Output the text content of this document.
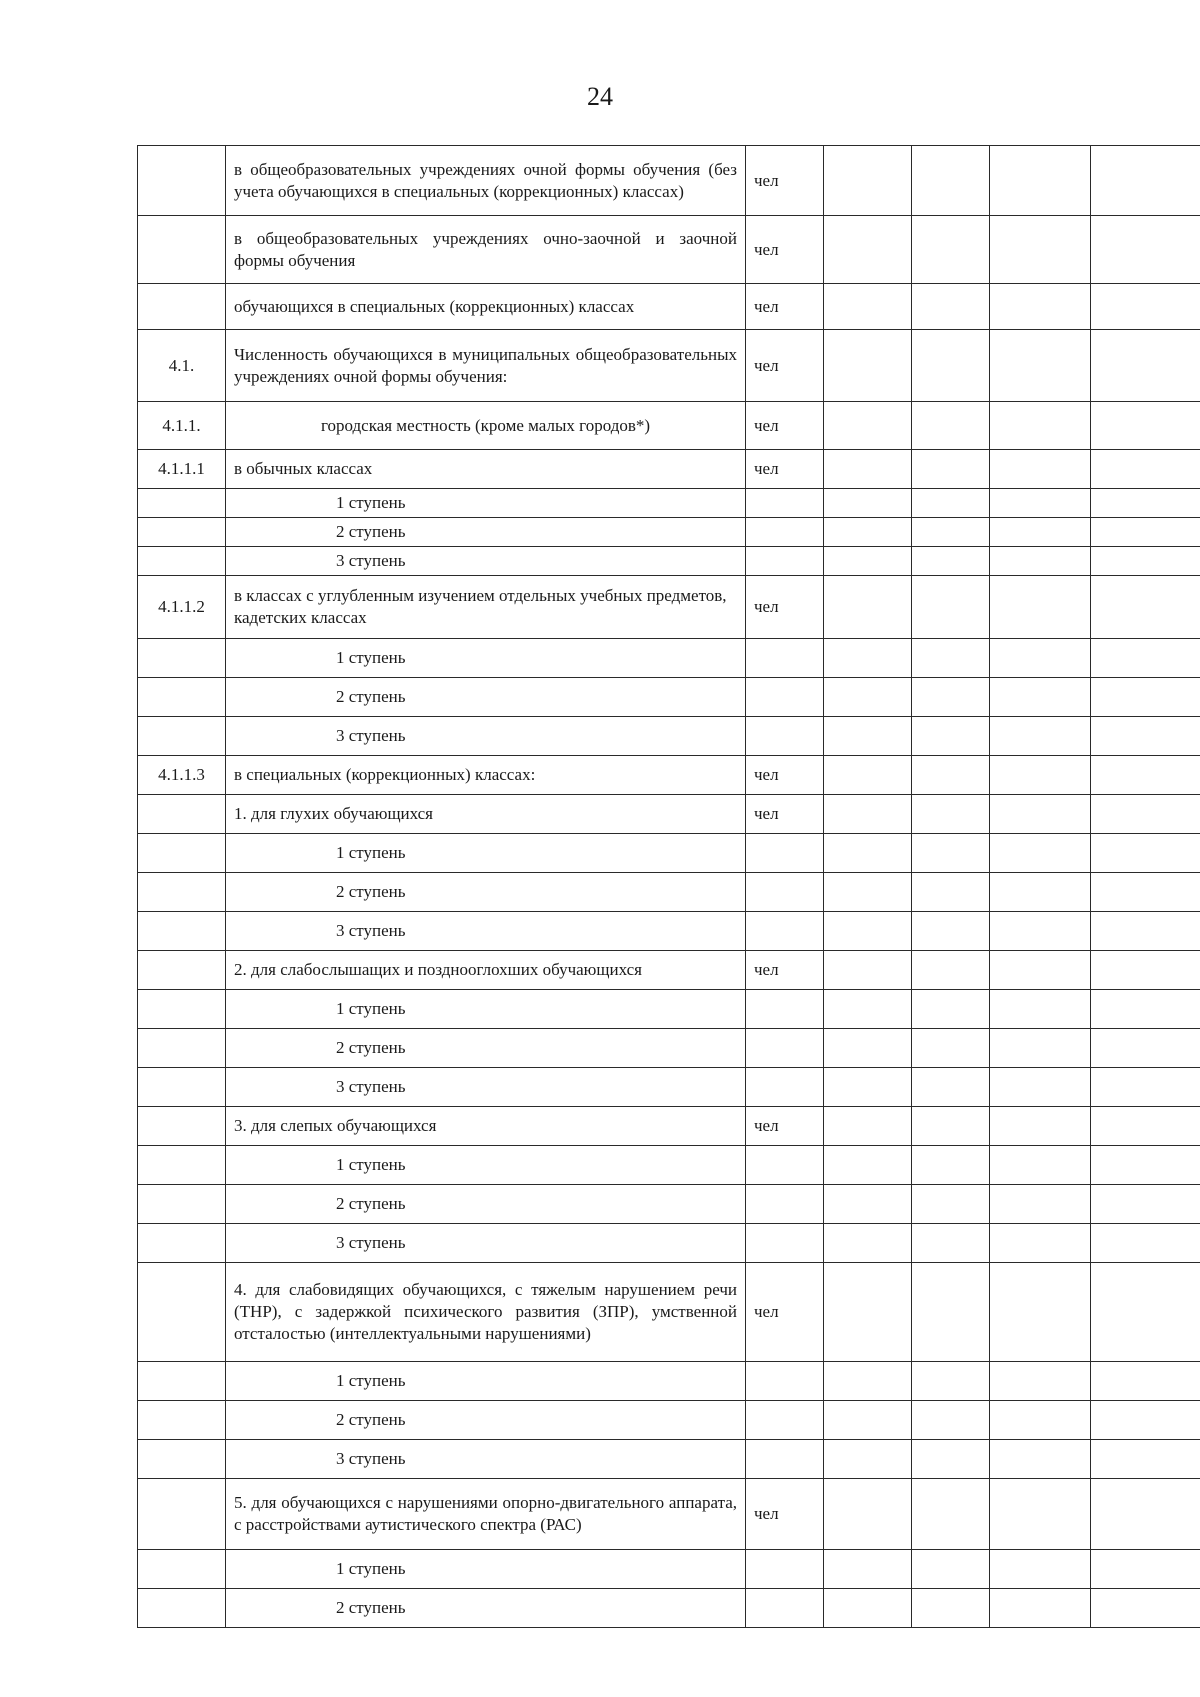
24
	в общеобразовательных учреждениях очной формы обучения (без учета обучающихся в специальных (коррекционных) классах)	чел				
	в общеобразовательных учреждениях очно-заочной и заочной формы обучения	чел				
	обучающихся в специальных (коррекционных) классах	чел				
4.1.	Численность обучающихся в муниципальных общеобразовательных учреждениях очной формы обучения:	чел				
4.1.1.	городская местность (кроме малых городов*)	чел				
4.1.1.1	в обычных классах	чел				
	1 ступень					
	2 ступень					
	3 ступень					
4.1.1.2	в классах с углубленным изучением отдельных учебных предметов, кадетских классах	чел				
	1 ступень					
	2 ступень					
	3 ступень					
4.1.1.3	в специальных (коррекционных) классах:	чел				
	1. для глухих обучающихся	чел				
	1 ступень					
	2 ступень					
	3 ступень					
	2. для слабослышащих и позднооглохших обучающихся	чел				
	1 ступень					
	2 ступень					
	3 ступень					
	3. для слепых обучающихся	чел				
	1 ступень					
	2 ступень					
	3 ступень					
	4. для слабовидящих обучающихся, с тяжелым нарушением речи (ТНР), с задержкой психического развития (ЗПР), умственной отсталостью (интеллектуальными нарушениями)	чел				
	1 ступень					
	2 ступень					
	3 ступень					
	5. для обучающихся с нарушениями опорно-двигательного аппарата, с расстройствами аутистического спектра (РАС)	чел				
	1 ступень					
	2 ступень					
